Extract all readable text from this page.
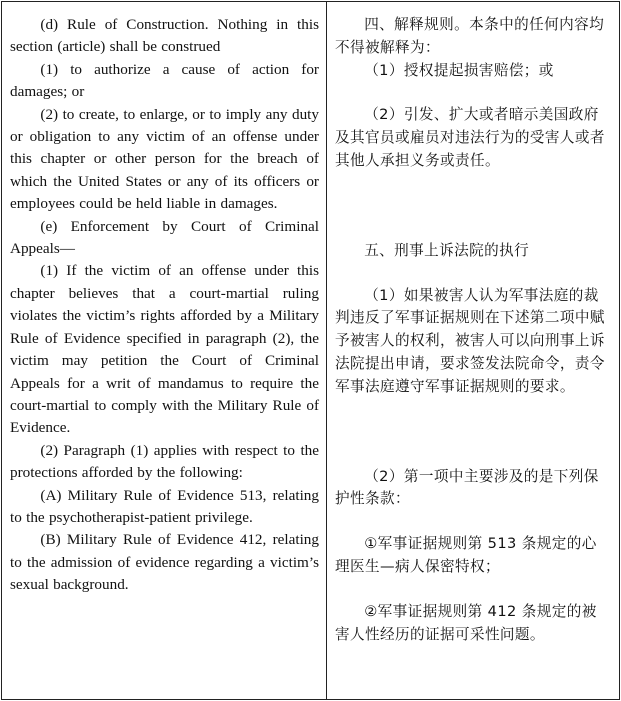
(d) Rule of Construction. Nothing in this section (article) shall be construed

(1) to authorize a cause of action for damages; or

(2) to create, to enlarge, or to imply any duty or obligation to any victim of an offense under this chapter or other person for the breach of which the United States or any of its officers or employees could be held liable in damages.

(e) Enforcement by Court of Criminal Appeals—

(1) If the victim of an offense under this chapter believes that a court-martial ruling violates the victim’s rights afforded by a Military Rule of Evidence specified in paragraph (2), the victim may petition the Court of Criminal Appeals for a writ of mandamus to require the court-martial to comply with the Military Rule of Evidence.

(2) Paragraph (1) applies with respect to the protections afforded by the following:

(A) Military Rule of Evidence 513, relating to the psychotherapist-patient privilege.

(B) Military Rule of Evidence 412, relating to the admission of evidence regarding a victim’s sexual background.

四、解释规则。本条中的任何内容均不得被解释为：

（1）授权提起损害赔偿；或

（2）引发、扩大或者暗示美国政府及其官员或雇员对违法行为的受害人或者其他人承担义务或责任。

五、刑事上诉法院的执行

（1）如果被害人认为军事法庭的裁判违反了军事证据规则在下述第二项中赋予被害人的权利，被害人可以向刑事上诉法院提出申请，要求签发法院命令，责令军事法庭遵守军事证据规则的要求。

（2）第一项中主要涉及的是下列保护性条款：

①军事证据规则第 513 条规定的心理医生—病人保密特权；

②军事证据规则第 412 条规定的被害人性经历的证据可采性问题。
